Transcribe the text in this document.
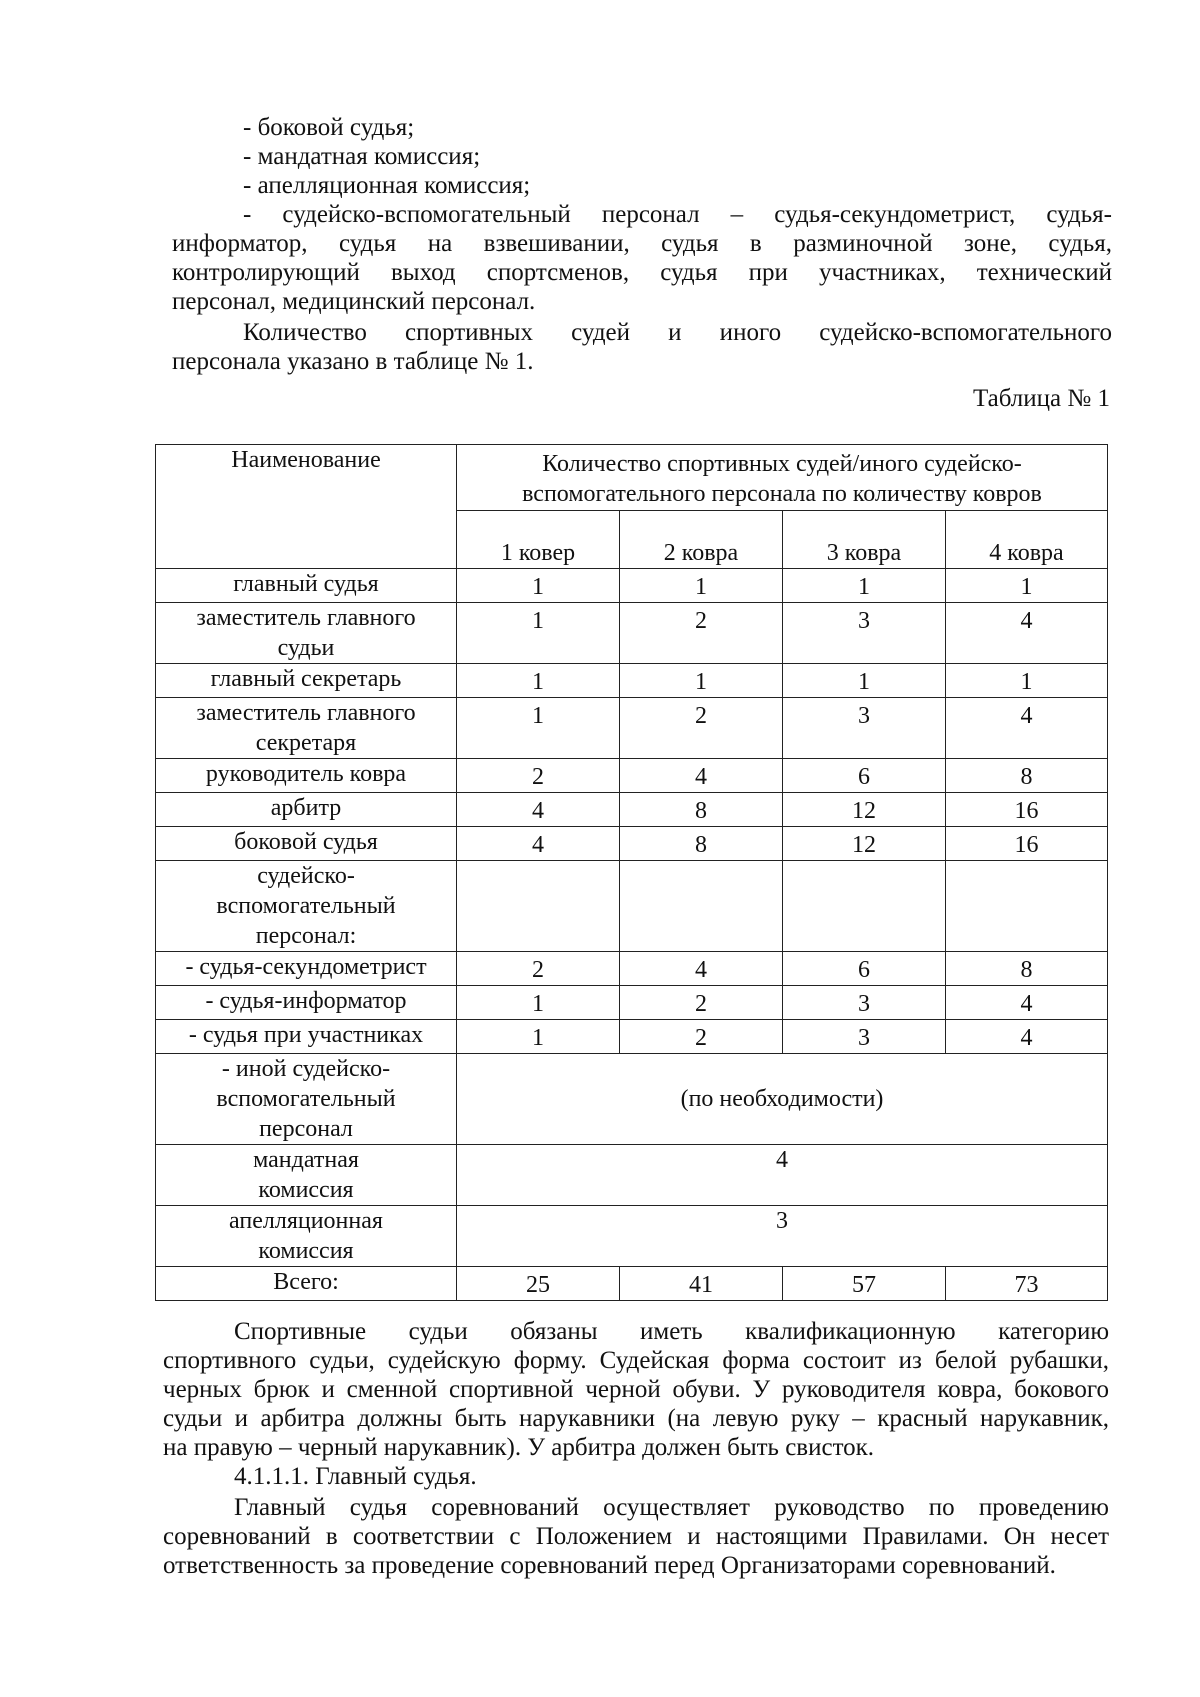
- боковой судья;
- мандатная комиссия;
- апелляционная комиссия;
- судейско-вспомогательный персонал – судья-секундометрист, судья-
информатор, судья на взвешивании, судья в разминочной зоне, судья,
контролирующий выход спортсменов, судья при участниках, технический
персонал, медицинский персонал.
Количество спортивных судей и иного судейско-вспомогательного
персонала указано в таблице № 1.
Таблица № 1
Наименование	Количество спортивных судей/иного судейско-вспомогательного персонала по количеству ковров			
	1 ковер	2 ковра	3 ковра	4 ковра
главный судья	1	1	1	1
заместитель главного судьи	1	2	3	4
главный секретарь	1	1	1	1
заместитель главного секретаря	1	2	3	4
руководитель ковра	2	4	6	8
арбитр	4	8	12	16
боковой судья	4	8	12	16
судейско-вспомогательный персонал:				
- судья-секундометрист	2	4	6	8
- судья-информатор	1	2	3	4
- судья при участниках	1	2	3	4
- иной судейско-вспомогательный персонал	(по необходимости)			
мандатная комиссия	4			
апелляционная комиссия	3			
Всего:	25	41	57	73
Спортивные судьи обязаны иметь квалификационную категорию
спортивного судьи, судейскую форму. Судейская форма состоит из белой рубашки,
черных брюк и сменной спортивной черной обуви. У руководителя ковра, бокового
судьи и арбитра должны быть нарукавники (на левую руку – красный нарукавник,
на правую – черный нарукавник). У арбитра должен быть свисток.
4.1.1.1. Главный судья.
Главный судья соревнований осуществляет руководство по проведению
соревнований в соответствии с Положением и настоящими Правилами. Он несет
ответственность за проведение соревнований перед Организаторами соревнований.
